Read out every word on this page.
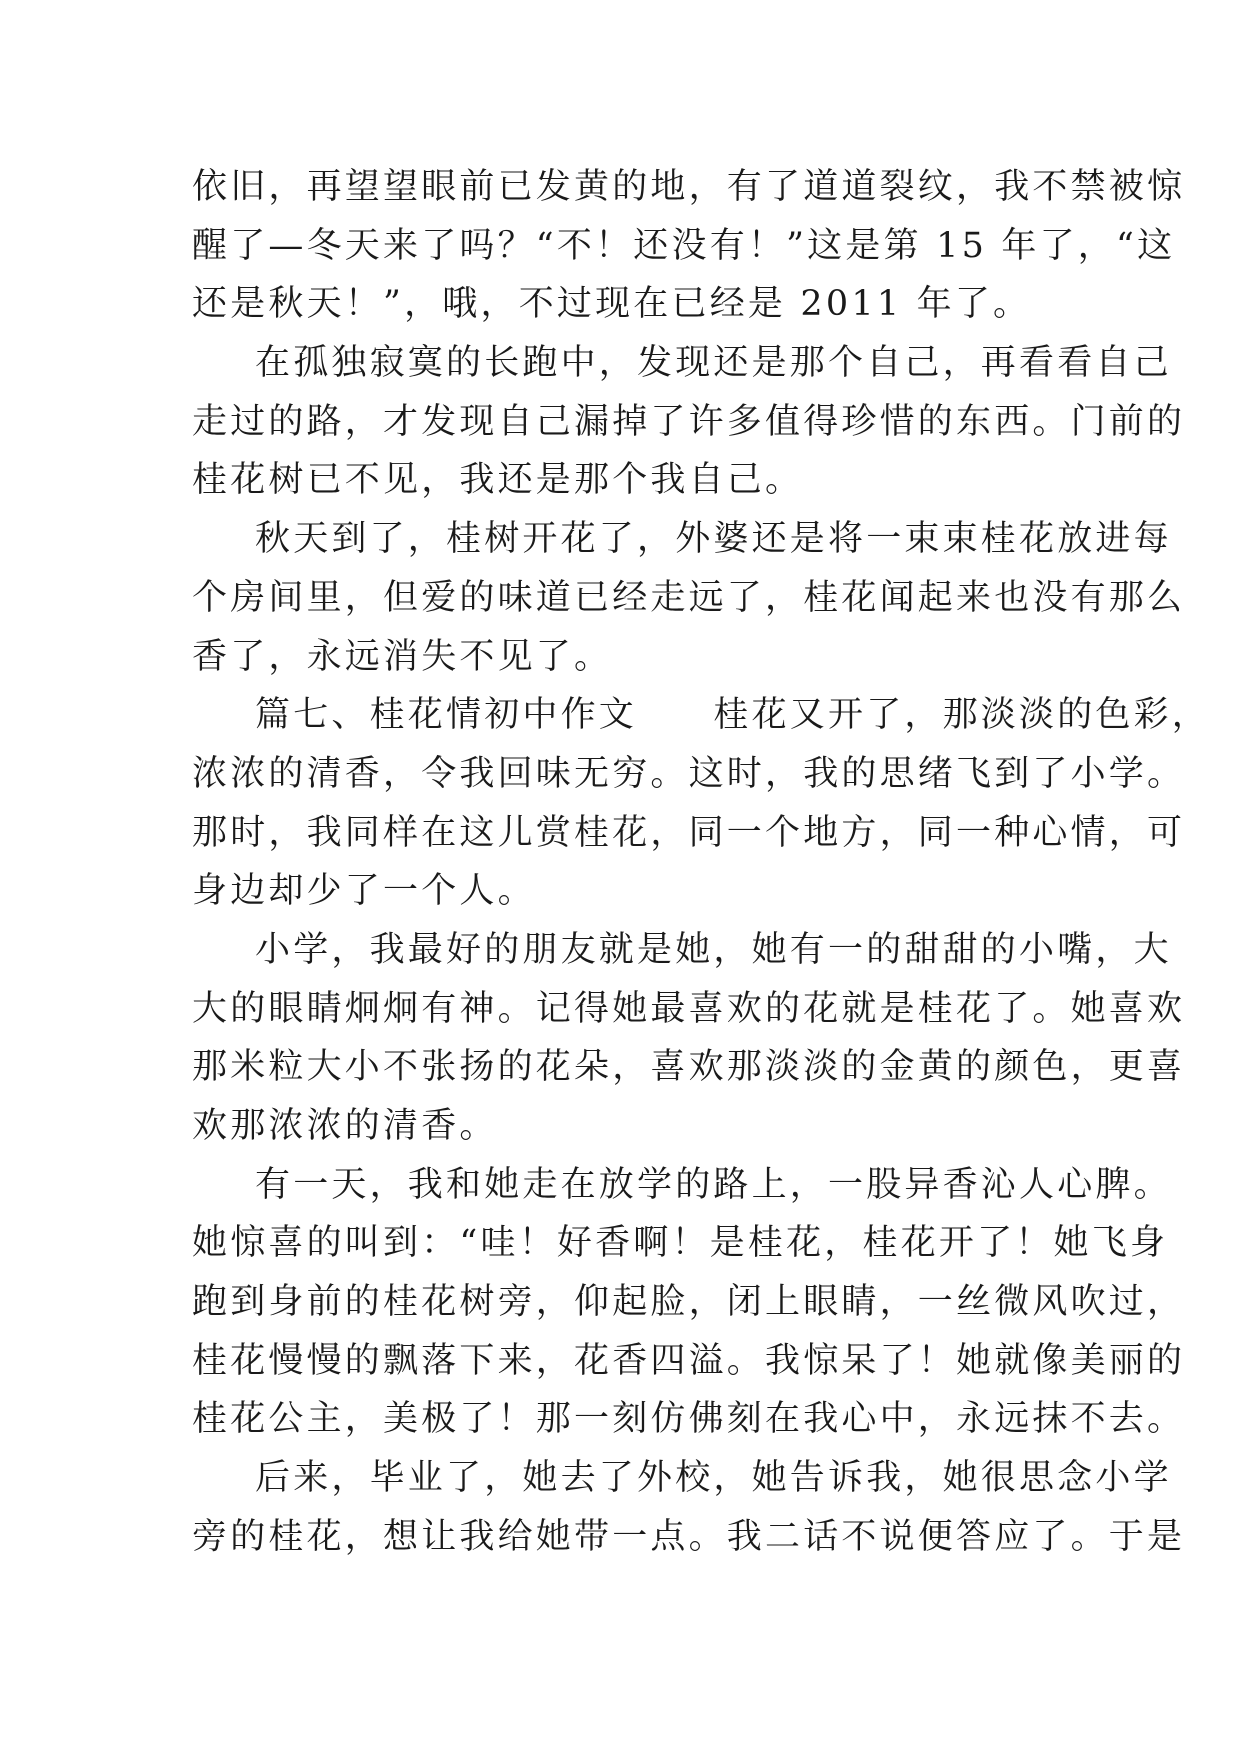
依旧，再望望眼前已发黄的地，有了道道裂纹，我不禁被惊
醒了—冬天来了吗？“不！还没有！”这是第 15 年了，“这
还是秋天！”，哦，不过现在已经是 2011 年了。
在孤独寂寞的长跑中，发现还是那个自己，再看看自己
走过的路，才发现自己漏掉了许多值得珍惜的东西。门前的
桂花树已不见，我还是那个我自己。
秋天到了，桂树开花了，外婆还是将一束束桂花放进每
个房间里，但爱的味道已经走远了，桂花闻起来也没有那么
香了，永远消失不见了。
篇七、桂花情初中作文　　桂花又开了，那淡淡的色彩，
浓浓的清香，令我回味无穷。这时，我的思绪飞到了小学。
那时，我同样在这儿赏桂花，同一个地方，同一种心情，可
身边却少了一个人。
小学，我最好的朋友就是她，她有一的甜甜的小嘴，大
大的眼睛炯炯有神。记得她最喜欢的花就是桂花了。她喜欢
那米粒大小不张扬的花朵，喜欢那淡淡的金黄的颜色，更喜
欢那浓浓的清香。
有一天，我和她走在放学的路上，一股异香沁人心脾。
她惊喜的叫到：“哇！好香啊！是桂花，桂花开了！她飞身
跑到身前的桂花树旁，仰起脸，闭上眼睛，一丝微风吹过，
桂花慢慢的飘落下来，花香四溢。我惊呆了！她就像美丽的
桂花公主，美极了！那一刻仿佛刻在我心中，永远抹不去。
后来，毕业了，她去了外校，她告诉我，她很思念小学
旁的桂花，想让我给她带一点。我二话不说便答应了。于是
